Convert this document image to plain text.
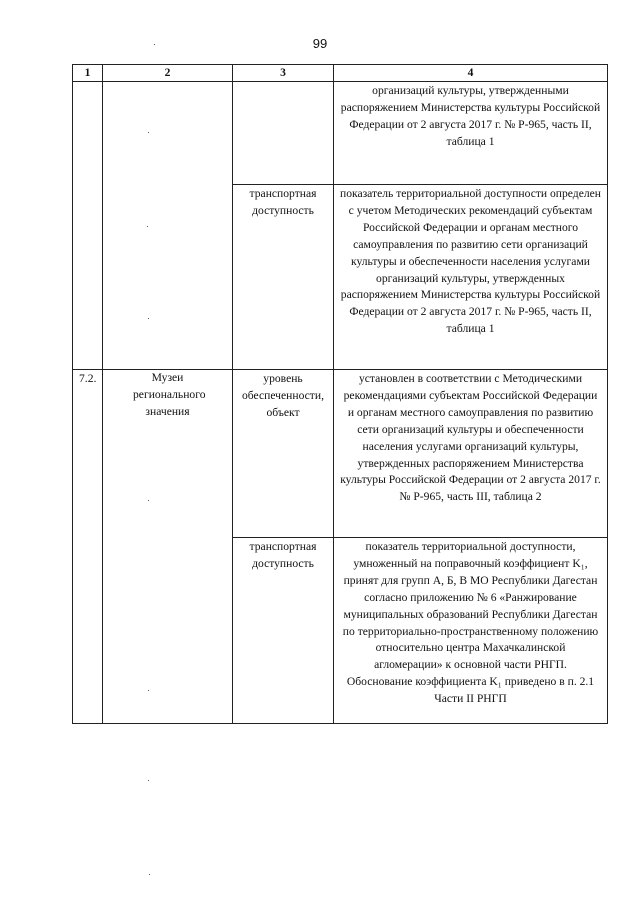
99
1	2	3	4

			организаций культуры, утвержденными распоряжением Министерства культуры Российской Федерации от 2 августа 2017 г. № Р-965, часть II, таблица 1

		транспортная доступность	показатель территориальной доступности определен с учетом Методических рекомендаций субъектам Российской Федерации и органам местного самоуправления по развитию сети организаций культуры и обеспеченности населения услугами организаций культуры, утвержденных распоряжением Министерства культуры Российской Федерации от 2 августа 2017 г. № Р-965, часть II, таблица 1

7.2.	Музеи регионального значения	уровень обеспеченности, объект	установлен в соответствии с Методическими рекомендациями субъектам Российской Федерации и органам местного самоуправления по развитию сети организаций культуры и обеспеченности населения услугами организаций культуры, утвержденных распоряжением Министерства культуры Российской Федерации от 2 августа 2017 г. № Р-965, часть III, таблица 2

		транспортная доступность	показатель территориальной доступности, умноженный на поправочный коэффициент K₁, принят для групп А, Б, В МО Республики Дагестан согласно приложению № 6 «Ранжирование муниципальных образований Республики Дагестан по территориально-пространственному положению относительно центра Махачкалинской агломерации» к основной части РНГП. Обоснование коэффициента K₁ приведено в п. 2.1 Части II РНГП
